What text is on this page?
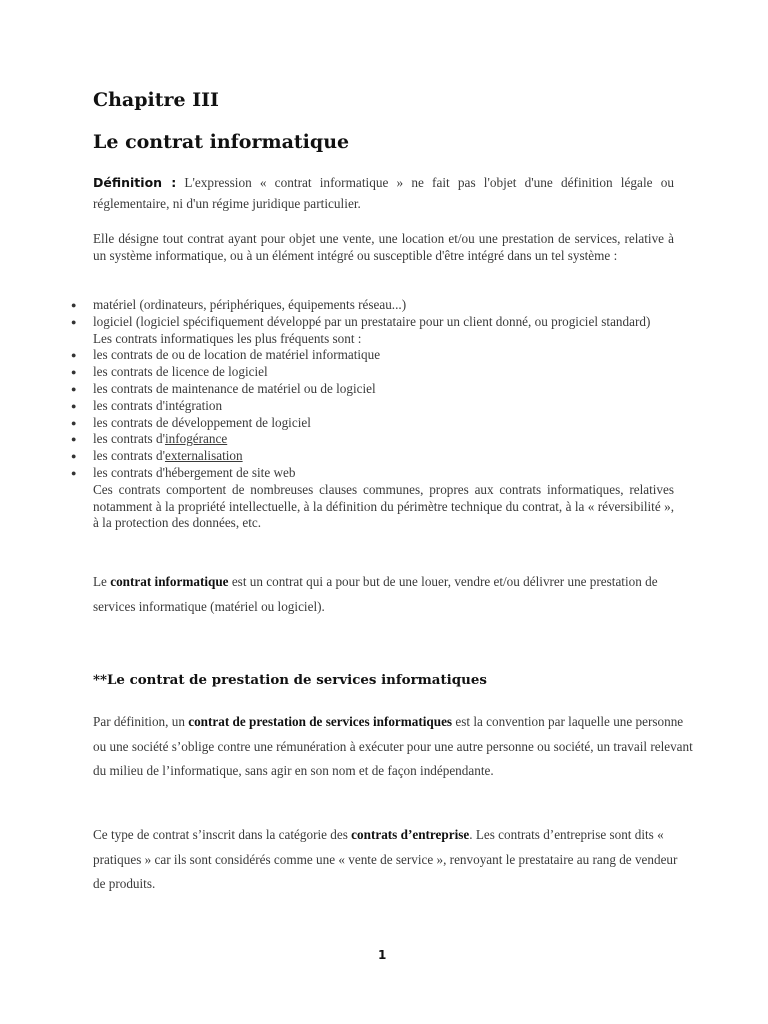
Chapitre III
Le contrat informatique

Définition : L'expression « contrat informatique » ne fait pas l'objet d'une définition légale ou réglementaire, ni d'un régime juridique particulier.

Elle désigne tout contrat ayant pour objet une vente, une location et/ou une prestation de services, relative à un système informatique, ou à un élément intégré ou susceptible d'être intégré dans un tel système :

● matériel (ordinateurs, périphériques, équipements réseau...)
● logiciel (logiciel spécifiquement développé par un prestataire pour un client donné, ou progiciel standard)
Les contrats informatiques les plus fréquents sont :
● les contrats de ou de location de matériel informatique
● les contrats de licence de logiciel
● les contrats de maintenance de matériel ou de logiciel
● les contrats d'intégration
● les contrats de développement de logiciel
● les contrats d'infogérance
● les contrats d'externalisation
● les contrats d'hébergement de site web
Ces contrats comportent de nombreuses clauses communes, propres aux contrats informatiques, relatives notamment à la propriété intellectuelle, à la définition du périmètre technique du contrat, à la « réversibilité », à la protection des données, etc.

Le contrat informatique est un contrat qui a pour but de une louer, vendre et/ou délivrer une prestation de services informatique (matériel ou logiciel).

**Le contrat de prestation de services informatiques

Par définition, un contrat de prestation de services informatiques est la convention par laquelle une personne ou une société s’oblige contre une rémunération à exécuter pour une autre personne ou société, un travail relevant du milieu de l’informatique, sans agir en son nom et de façon indépendante.

Ce type de contrat s’inscrit dans la catégorie des contrats d’entreprise. Les contrats d’entreprise sont dits « pratiques » car ils sont considérés comme une « vente de service », renvoyant le prestataire au rang de vendeur de produits.

1
